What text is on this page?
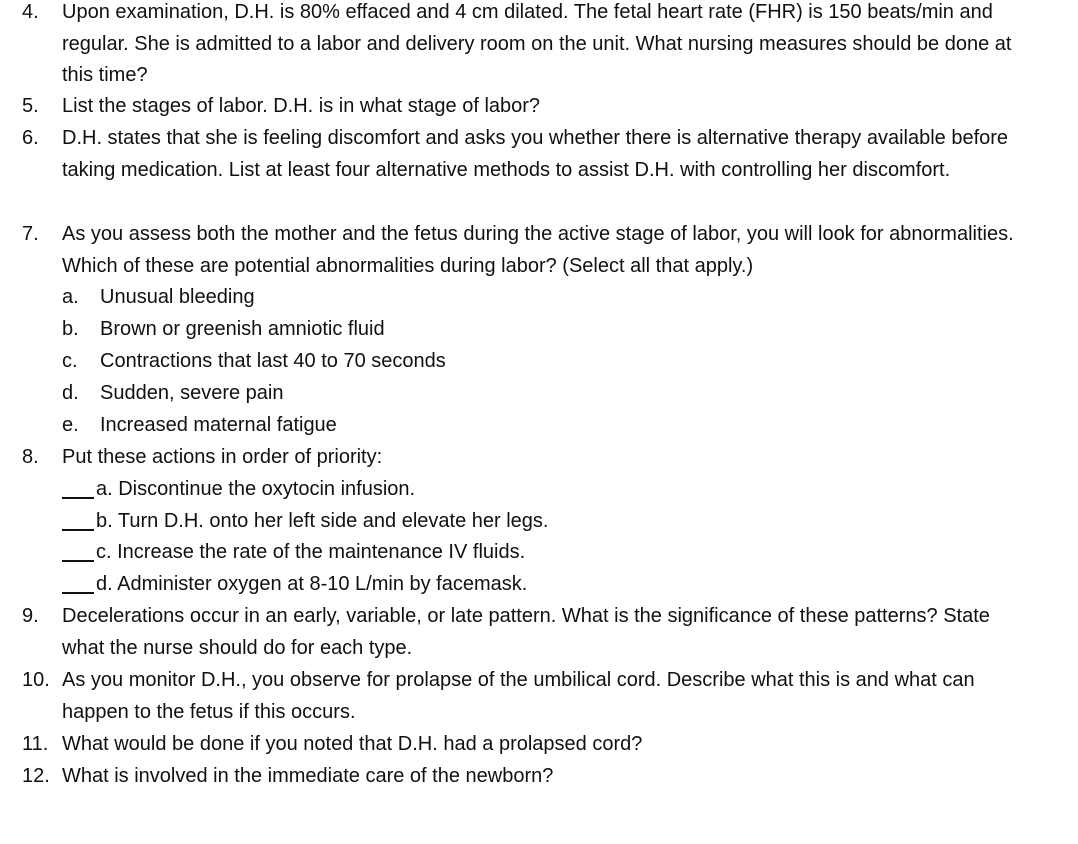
4.	Upon examination, D.H. is 80% effaced and 4 cm dilated. The fetal heart rate (FHR) is 150 beats/min and regular. She is admitted to a labor and delivery room on the unit. What nursing measures should be done at this time?
5.	List the stages of labor. D.H. is in what stage of labor?
6.	D.H. states that she is feeling discomfort and asks you whether there is alternative therapy available before taking medication. List at least four alternative methods to assist D.H. with controlling her discomfort.
7.	As you assess both the mother and the fetus during the active stage of labor, you will look for abnormalities. Which of these are potential abnormalities during labor? (Select all that apply.)
a.	Unusual bleeding
b.	Brown or greenish amniotic fluid
c.	Contractions that last 40 to 70 seconds
d.	Sudden, severe pain
e.	Increased maternal fatigue
8.	Put these actions in order of priority:
a. Discontinue the oxytocin infusion.
b. Turn D.H. onto her left side and elevate her legs.
c. Increase the rate of the maintenance IV fluids.
d. Administer oxygen at 8-10 L/min by facemask.
9.	Decelerations occur in an early, variable, or late pattern. What is the significance of these patterns? State what the nurse should do for each type.
10. As you monitor D.H., you observe for prolapse of the umbilical cord. Describe what this is and what can happen to the fetus if this occurs.
11. What would be done if you noted that D.H. had a prolapsed cord?
12. What is involved in the immediate care of the newborn?
